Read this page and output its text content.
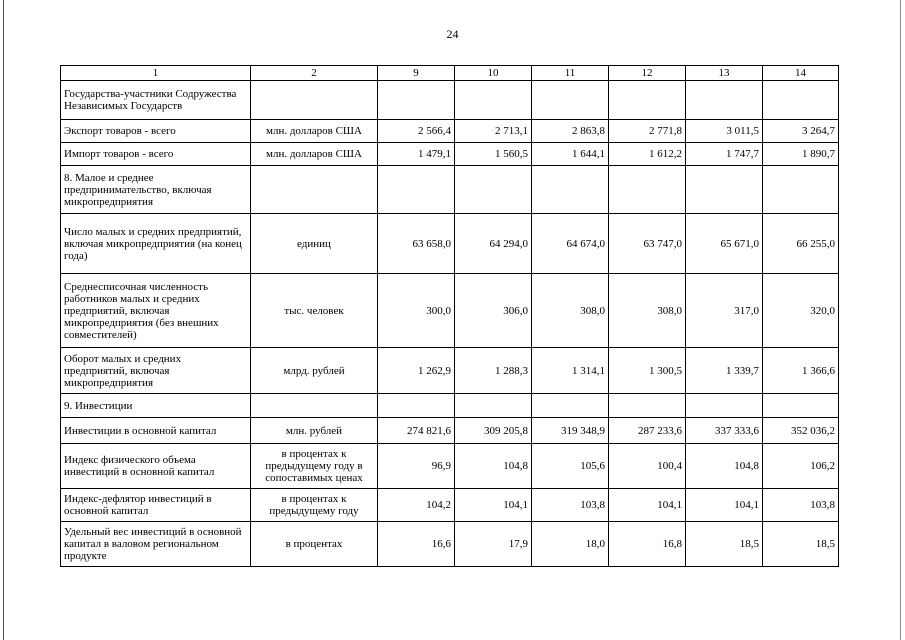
24
1	2	9	10	11	12	13	14
Государства-участники Содружества Независимых Государств							
Экспорт товаров - всего	млн. долларов США	2 566,4	2 713,1	2 863,8	2 771,8	3 011,5	3 264,7
Импорт товаров - всего	млн. долларов США	1 479,1	1 560,5	1 644,1	1 612,2	1 747,7	1 890,7
8. Малое и среднее предпринимательство, включая микропредприятия							
Число малых и средних предприятий, включая микропредприятия (на конец года)	единиц	63 658,0	64 294,0	64 674,0	63 747,0	65 671,0	66 255,0
Среднесписочная численность работников малых и средних предприятий, включая микропредприятия (без внешних совместителей)	тыс. человек	300,0	306,0	308,0	308,0	317,0	320,0
Оборот малых и средних предприятий, включая микропредприятия	млрд. рублей	1 262,9	1 288,3	1 314,1	1 300,5	1 339,7	1 366,6
9. Инвестиции							
Инвестиции в основной капитал	млн. рублей	274 821,6	309 205,8	319 348,9	287 233,6	337 333,6	352 036,2
Индекс физического объема инвестиций в основной капитал	в процентах к предыдущему году в сопоставимых ценах	96,9	104,8	105,6	100,4	104,8	106,2
Индекс-дефлятор инвестиций в основной капитал	в процентах к предыдущему году	104,2	104,1	103,8	104,1	104,1	103,8
Удельный вес инвестиций в основной капитал в валовом региональном продукте	в процентах	16,6	17,9	18,0	16,8	18,5	18,5
